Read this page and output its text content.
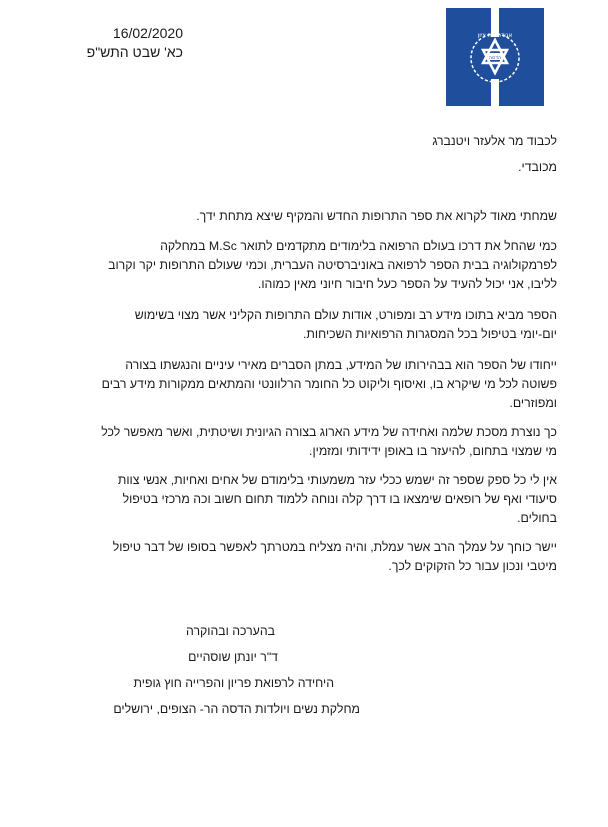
הדסה
אגודת בת ציון
16/02/2020
כא' שבט התש"פ
לכבוד מר אלעזר ויטנברג
מכובדי.

שמחתי מאוד לקרוא את ספר התרופות החדש והמקיף שיצא מתחת ידך.

כמי שהחל את דרכו בעולם הרפואה בלימודים מתקדמים לתואר M.Sc במחלקה לפרמקולוגיה בבית הספר לרפואה באוניברסיטה העברית, וכמי שעולם התרופות יקר וקרוב לליבו, אני יכול להעיד על הספר כעל חיבור חיוני מאין כמוהו.

הספר מביא בתוכו מידע רב ומפורט, אודות עולם התרופות הקליני אשר מצוי בשימוש יום-יומי בטיפול בכל המסגרות הרפואיות השכיחות.

ייחודו של הספר הוא בבהירותו של המידע, במתן הסברים מאירי עיניים והנגשתו בצורה פשוטה לכל מי שיקרא בו, ואיסוף וליקוט כל החומר הרלוונטי והמתאים ממקורות מידע רבים ומפוזרים.

כך נוצרת מסכת שלמה ואחידה של מידע הארוג בצורה הגיונית ושיטתית, ואשר מאפשר לכל מי שמצוי בתחום, להיעזר בו באופן ידידותי ומזמין.

אין לי כל ספק שספר זה ישמש ככלי עזר משמעותי בלימודם של אחים ואחיות, אנשי צוות סיעודי ואף של רופאים שימצאו בו דרך קלה ונוחה ללמוד תחום חשוב וכה מרכזי בטיפול בחולים.

יישר כוחך על עמלך הרב אשר עמלת, והיה מצליח במטרתך לאפשר בסופו של דבר טיפול מיטבי ונכון עבור כל הזקוקים לכך.

בהערכה ובהוקרה
ד"ר יונתן שוסהיים
היחידה לרפואת פריון והפרייה חוץ גופית
מחלקת נשים ויולדות הדסה הר- הצופים, ירושלים
